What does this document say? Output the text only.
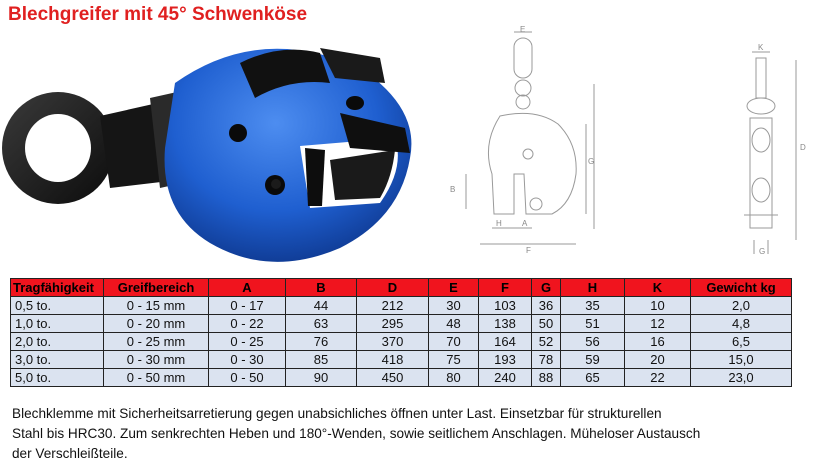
Blechgreifer mit 45° Schwenköse
E
B
H	A
F
G
K
D
G
Tragfähigkeit	Greifbereich	A	B	D	E	F	G	H	K	Gewicht kg
0,5 to.	0 - 15 mm	0 - 17	44	212	30	103	36	35	10	2,0
1,0 to.	0 - 20 mm	0 - 22	63	295	48	138	50	51	12	4,8
2,0 to.	0 - 25 mm	0 - 25	76	370	70	164	52	56	16	6,5
3,0 to.	0 - 30 mm	0 - 30	85	418	75	193	78	59	20	15,0
5,0 to.	0 - 50 mm	0 - 50	90	450	80	240	88	65	22	23,0
Blechklemme mit Sicherheitsarretierung gegen unabsichliches öffnen unter Last. Einsetzbar für strukturellen
Stahl bis HRC30. Zum senkrechten Heben und 180°-Wenden, sowie seitlichem Anschlagen. Müheloser Austausch
der Verschleißteile.
